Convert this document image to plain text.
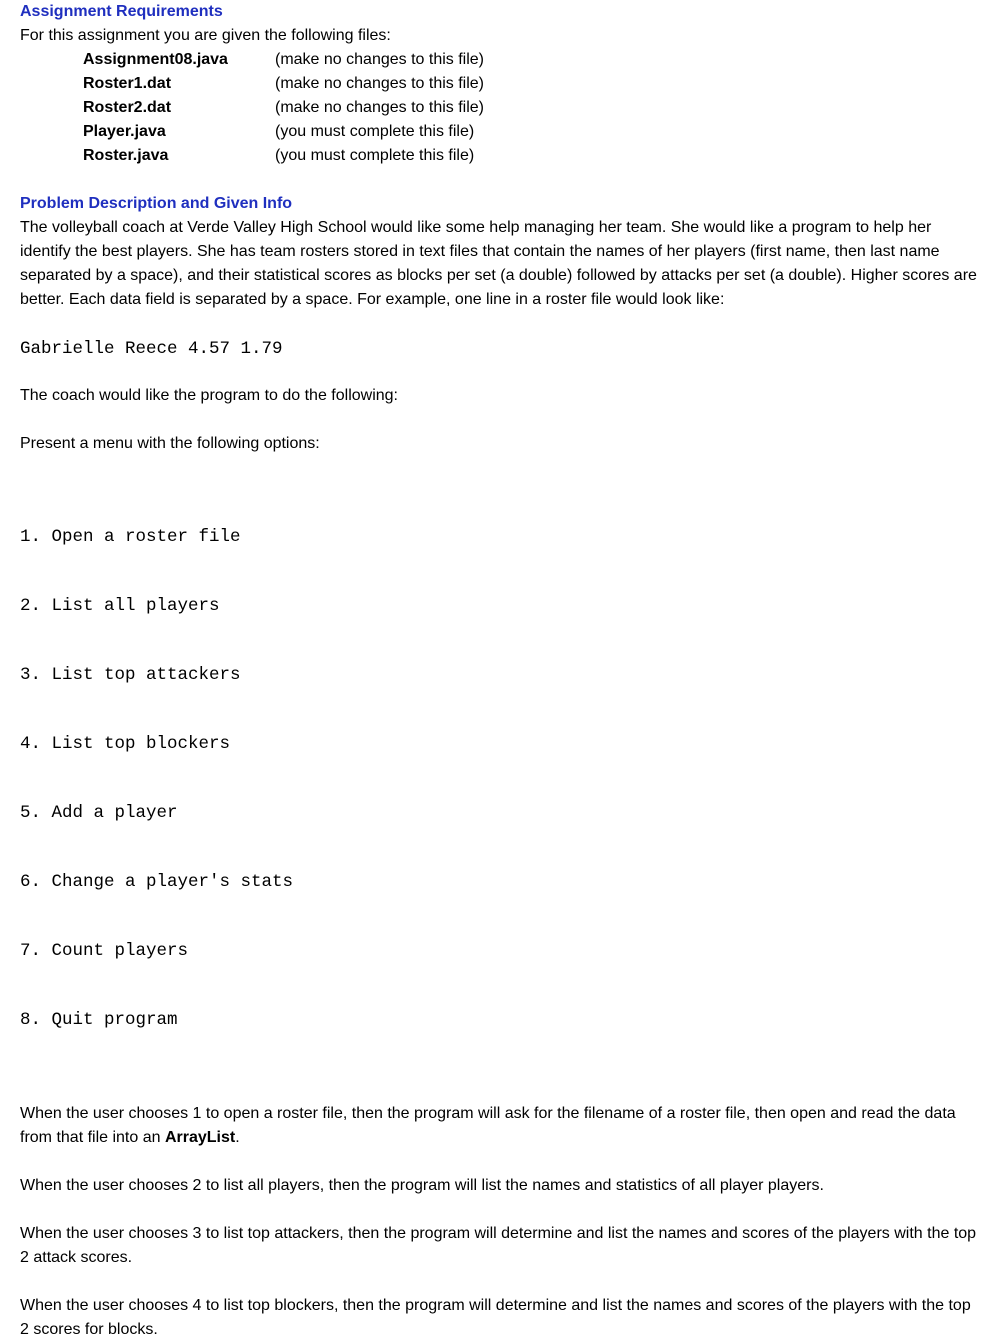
Assignment Requirements

For this assignment you are given the following files:

Assignment08.java	(make no changes to this file)
Roster1.dat	(make no changes to this file)
Roster2.dat	(make no changes to this file)
Player.java	(you must complete this file)
Roster.java	(you must complete this file)
Problem Description and Given Info

The volleyball coach at Verde Valley High School would like some help managing her team. She would like a program to help her identify the best players. She has team rosters stored in text files that contain the names of her players (first name, then last name separated by a space), and their statistical scores as blocks per set (a double) followed by attacks per set (a double). Higher scores are better. Each data field is separated by a space. For example, one line in a roster file would look like:

Gabrielle Reece 4.57 1.79

The coach would like the program to do the following:

Present a menu with the following options:

1. Open a roster file

2. List all players

3. List top attackers

4. List top blockers

5. Add a player

6. Change a player's stats

7. Count players

8. Quit program

When the user chooses 1 to open a roster file, then the program will ask for the filename of a roster file, then open and read the data from that file into an ArrayList.

When the user chooses 2 to list all players, then the program will list the names and statistics of all player players.

When the user chooses 3 to list top attackers, then the program will determine and list the names and scores of the players with the top 2 attack scores.

When the user chooses 4 to list top blockers, then the program will determine and list the names and scores of the players with the top 2 scores for blocks.
